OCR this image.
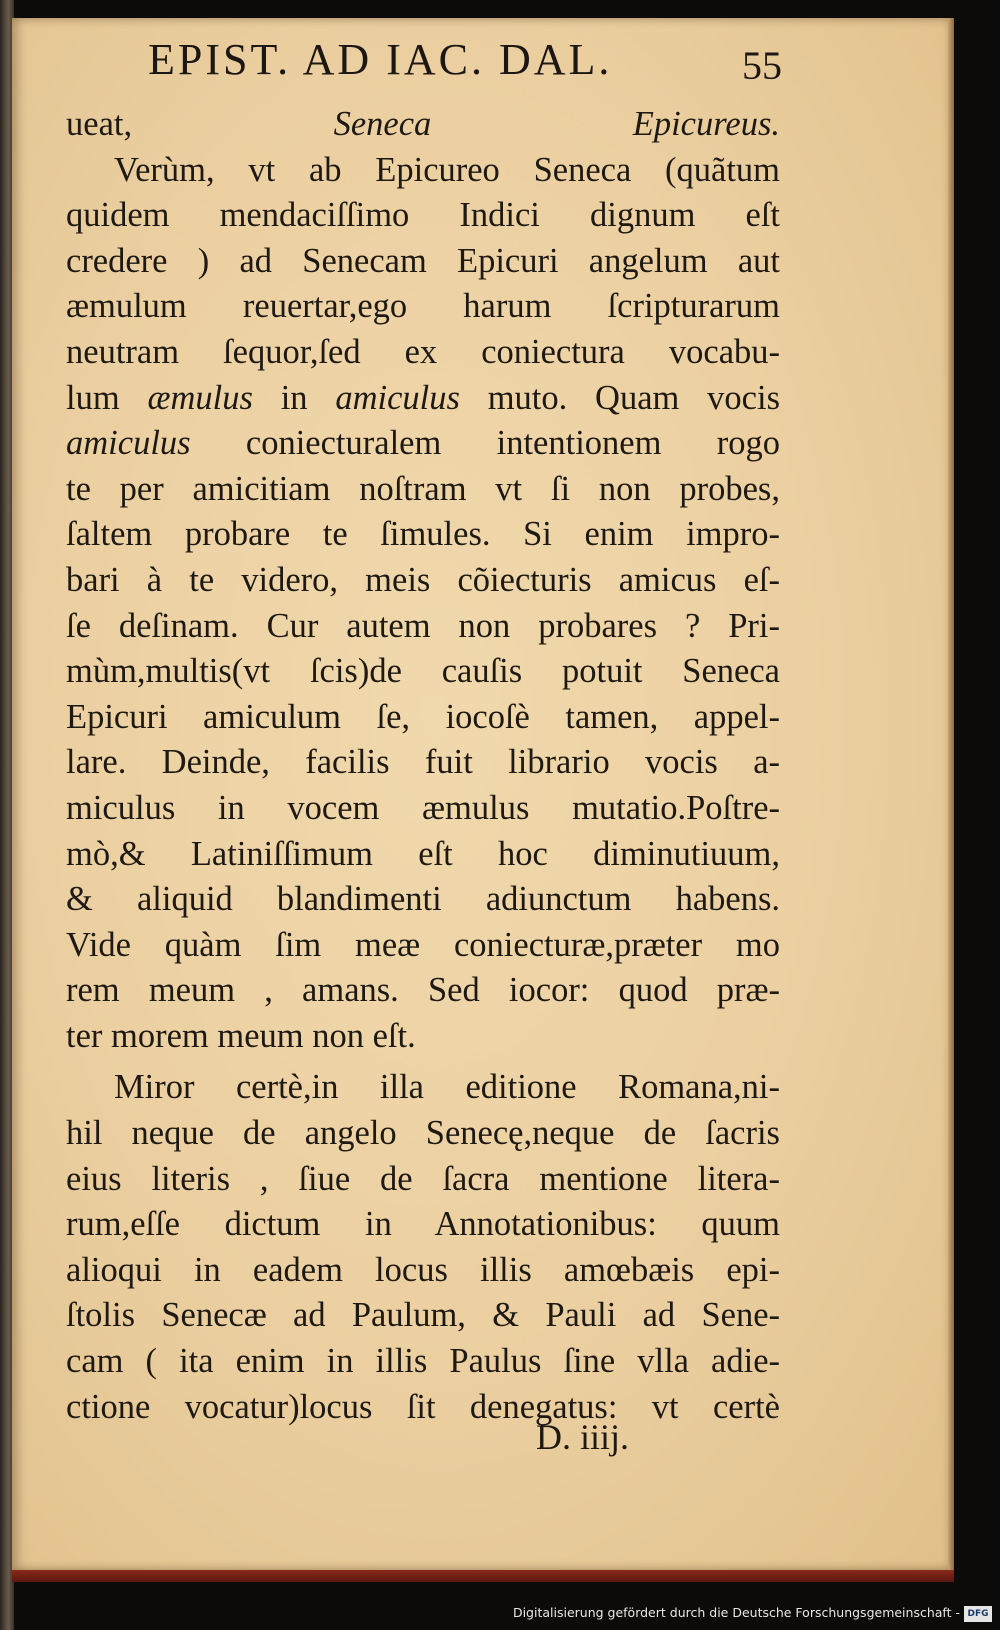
EPIST. AD IAC. DAL.	55
ueat, Seneca Epicureus.
Verùm, vt ab Epicureo Seneca (quãtum
quidem mendaciſſimo Indici dignum eſt
credere ) ad Senecam Epicuri angelum aut
æmulum reuertar,ego harum ſcripturarum
neutram ſequor,ſed ex coniectura vocabu-
lum æmulus in amiculus muto. Quam vocis
amiculus coniecturalem intentionem rogo
te per amicitiam noſtram vt ſi non probes,
ſaltem probare te ſimules. Si enim impro-
bari à te videro, meis cõiecturis amicus eſ-
ſe deſinam. Cur autem non probares ? Pri-
mùm,multis(vt ſcis)de cauſis potuit Seneca
Epicuri amiculum ſe, iocoſè tamen, appel-
lare. Deinde, facilis fuit librario vocis a-
miculus in vocem æmulus mutatio.Poſtre-
mò,& Latiniſſimum eſt hoc diminutiuum,
& aliquid blandimenti adiunctum habens.
Vide quàm ſim meæ coniecturæ,præter mo
rem meum , amans. Sed iocor: quod præ-
ter morem meum non eſt.
Miror certè,in illa editione Romana,ni-
hil neque de angelo Senecę,neque de ſacris
eius literis , ſiue de ſacra mentione litera-
rum,eſſe dictum in Annotationibus: quum
alioqui in eadem locus illis amœbæis epi-
ſtolis Senecæ ad Paulum, & Pauli ad Sene-
cam ( ita enim in illis Paulus ſine vlla adie-
ctione vocatur)locus ſit denegatus: vt certè
D. iiij.
Digitalisierung gefördert durch die Deutsche Forschungsgemeinschaft - DFG
